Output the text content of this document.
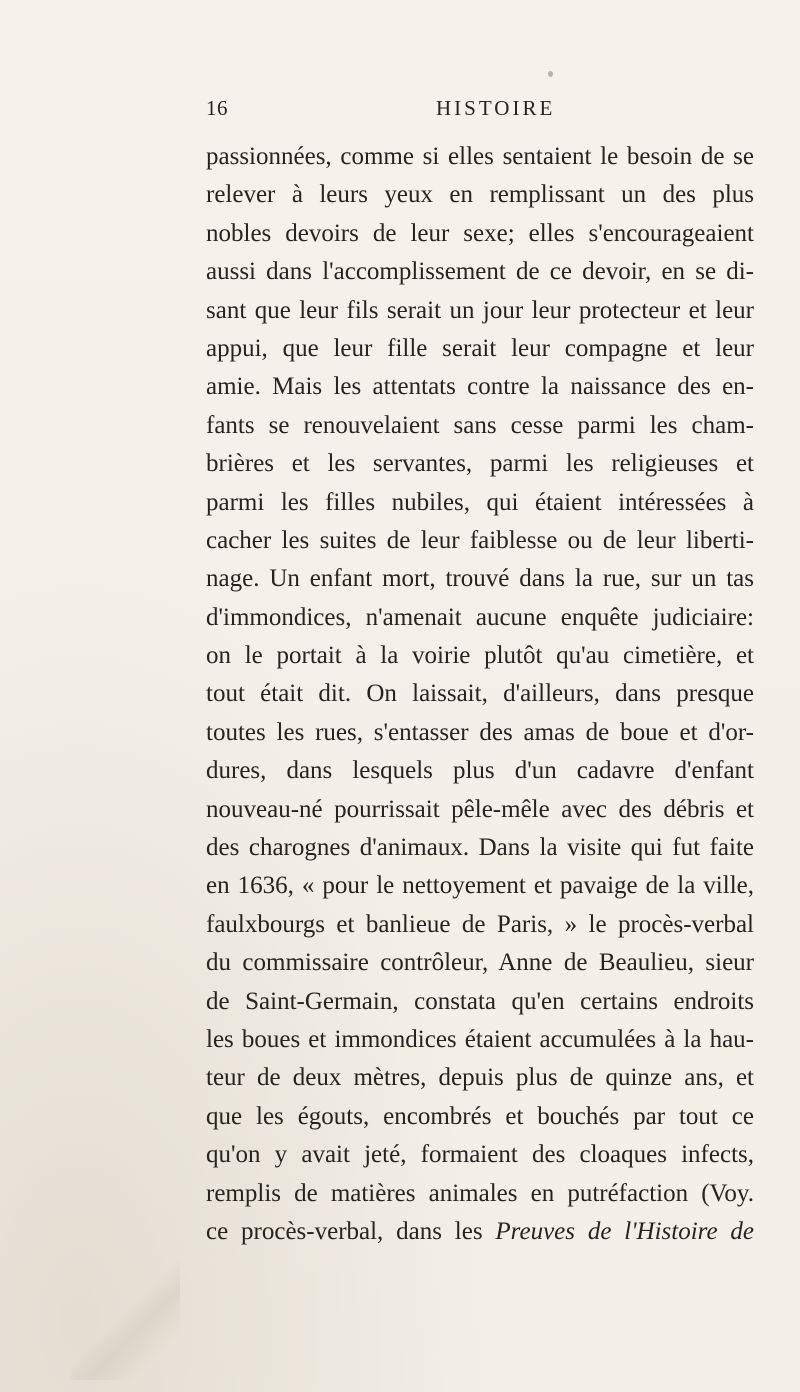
16	HISTOIRE
passionnées, comme si elles sentaient le besoin de se
relever à leurs yeux en remplissant un des plus
nobles devoirs de leur sexe; elles s'encourageaient
aussi dans l'accomplissement de ce devoir, en se di-
sant que leur fils serait un jour leur protecteur et leur
appui, que leur fille serait leur compagne et leur
amie. Mais les attentats contre la naissance des en-
fants se renouvelaient sans cesse parmi les cham-
brières et les servantes, parmi les religieuses et
parmi les filles nubiles, qui étaient intéressées à
cacher les suites de leur faiblesse ou de leur liberti-
nage. Un enfant mort, trouvé dans la rue, sur un tas
d'immondices, n'amenait aucune enquête judiciaire:
on le portait à la voirie plutôt qu'au cimetière, et
tout était dit. On laissait, d'ailleurs, dans presque
toutes les rues, s'entasser des amas de boue et d'or-
dures, dans lesquels plus d'un cadavre d'enfant
nouveau-né pourrissait pêle-mêle avec des débris et
des charognes d'animaux. Dans la visite qui fut faite
en 1636, « pour le nettoyement et pavaige de la ville,
faulxbourgs et banlieue de Paris, » le procès-verbal
du commissaire contrôleur, Anne de Beaulieu, sieur
de Saint-Germain, constata qu'en certains endroits
les boues et immondices étaient accumulées à la hau-
teur de deux mètres, depuis plus de quinze ans, et
que les égouts, encombrés et bouchés par tout ce
qu'on y avait jeté, formaient des cloaques infects,
remplis de matières animales en putréfaction (Voy.
ce procès-verbal, dans les Preuves de l'Histoire de
